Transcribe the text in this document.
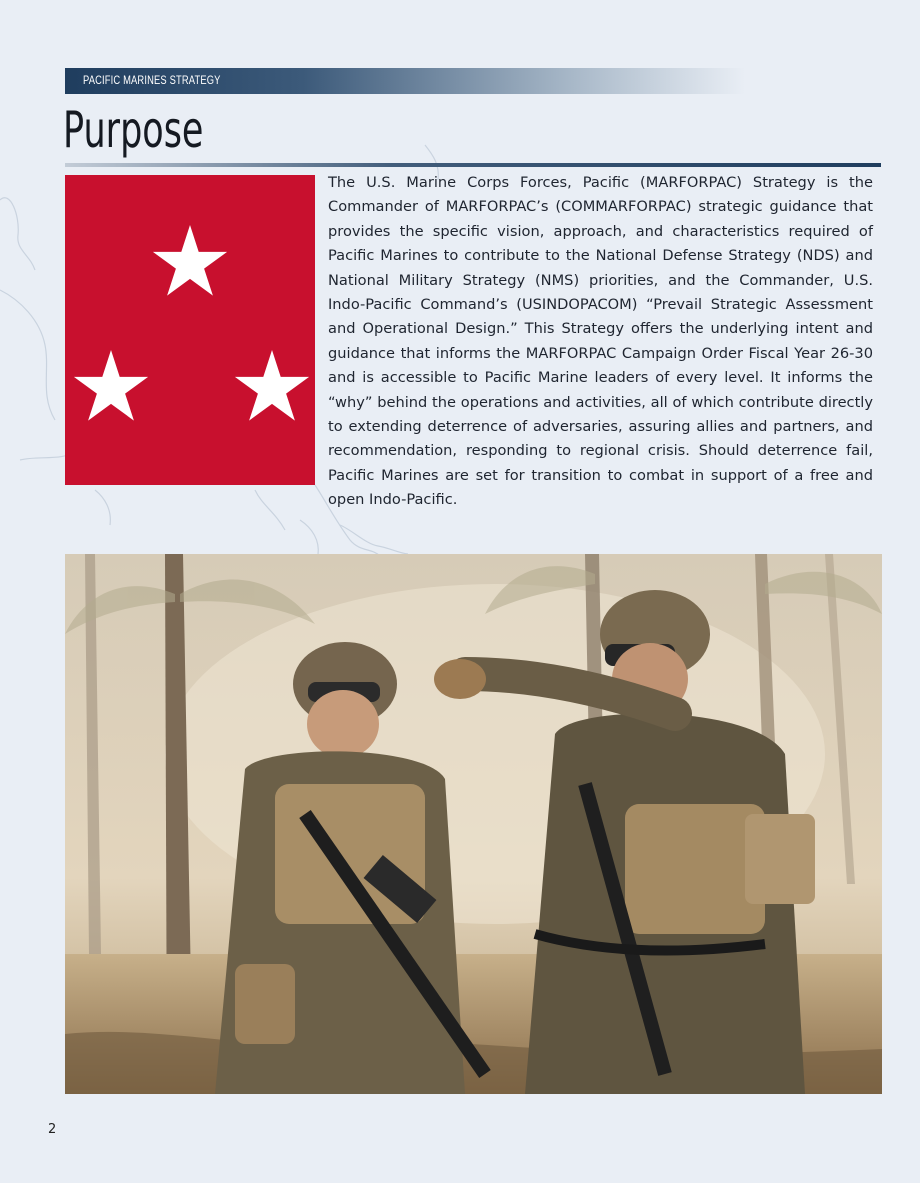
PACIFIC MARINES STRATEGY
Purpose

The U.S. Marine Corps Forces, Pacific (MARFORPAC) Strategy is the Commander of MARFORPAC’s (COMMARFORPAC) strategic guidance that provides the specific vision, approach, and characteristics required of Pacific Marines to contribute to the National Defense Strategy (NDS) and National Military Strategy (NMS) priorities, and the Commander, U.S. Indo-Pacific Command’s (USINDOPACOM) “Prevail Strategic Assessment and Operational Design.” This Strategy offers the underlying intent and guidance that informs the MARFORPAC Campaign Order Fiscal Year 26-30 and is accessible to Pacific Marine leaders of every level. It informs the “why” behind the operations and activities, all of which contribute directly to extending deterrence of adversaries, assuring allies and partners, and recommendation, responding to regional crisis. Should deterrence fail, Pacific Marines are set for transition to combat in support of a free and open Indo-Pacific.

2
